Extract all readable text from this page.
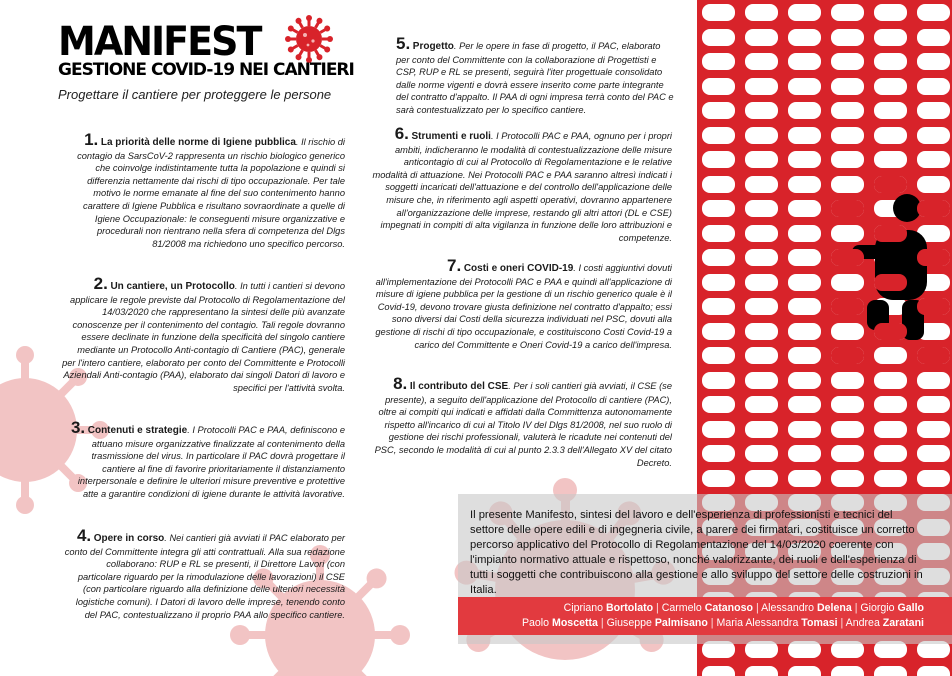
MANIFEST
GESTIONE COVID-19 NEI CANTIERI
Progettare il cantiere per proteggere le persone
1. La priorità delle norme di Igiene pubblica. Il rischio di contagio da SarsCoV-2 rappresenta un rischio biologico generico che coinvolge indistintamente tutta la popolazione e quindi si differenzia nettamente dai rischi di tipo occupazionale. Per tale motivo le norme emanate al fine del suo contenimento hanno carattere di Igiene Pubblica e risultano sovraordinate a quelle di Igiene Occupazionale: le conseguenti misure organizzative e procedurali non rientrano nella sfera di competenza del Dlgs 81/2008 ma richiedono uno specifico percorso.
2. Un cantiere, un Protocollo. In tutti i cantieri si devono applicare le regole previste dal Protocollo di Regolamentazione del 14/03/2020 che rappresentano la sintesi delle più avanzate conoscenze per il contenimento del contagio. Tali regole dovranno essere declinate in funzione della specificità del singolo cantiere mediante un Protocollo Anti-contagio di Cantiere (PAC), generale per l'intero cantiere, elaborato per conto del Committente e Protocolli Aziendali Anti-contagio (PAA), elaborato dai singoli Datori di lavoro e specifici per l'attività svolta.
3. Contenuti e strategie. I Protocolli PAC e PAA, definiscono e attuano misure organizzative finalizzate al contenimento della trasmissione del virus. In particolare il PAC dovrà progettare il cantiere al fine di favorire prioritariamente il distanziamento interpersonale e definire le ulteriori misure preventive e protettive atte a garantire condizioni di igiene durante le attività lavorative.
4. Opere in corso. Nei cantieri già avviati il PAC elaborato per conto del Committente integra gli atti contrattuali. Alla sua redazione collaborano: RUP e RL se presenti, il Direttore Lavori (con particolare riguardo per la rimodulazione delle lavorazioni) il CSE (con particolare riguardo alla definizione delle ulteriori necessità logistiche comuni). I Datori di lavoro delle imprese, tenendo conto del PAC, contestualizzano il proprio PAA allo specifico cantiere.
5. Progetto. Per le opere in fase di progetto, il PAC, elaborato per conto del Committente con la collaborazione di Progettisti e CSP, RUP e RL se presenti, seguirà l'iter progettuale consolidato dalle norme vigenti e dovrà essere inserito come parte integrante del contratto d'appalto. Il PAA di ogni impresa terrà conto del PAC e sarà contestualizzato per lo specifico cantiere.
6. Strumenti e ruoli. I Protocolli PAC e PAA, ognuno per i propri ambiti, indicheranno le modalità di contestualizzazione delle misure anticontagio di cui al Protocollo di Regolamentazione e le relative modalità di attuazione. Nei Protocolli PAC e PAA saranno altresì indicati i soggetti incaricati dell'attuazione e del controllo dell'applicazione delle misure che, in riferimento agli aspetti operativi, dovranno appartenere all'organizzazione delle imprese, restando gli altri attori (DL e CSE) impegnati in compiti di alta vigilanza in funzione delle loro attribuzioni e competenze.
7. Costi e oneri COVID-19. I costi aggiuntivi dovuti all'implementazione dei Protocolli PAC e PAA e quindi all'applicazione di misure di igiene pubblica per la gestione di un rischio generico quale è il Covid-19, devono trovare giusta definizione nel contratto d'appalto; essi sono diversi dai Costi della sicurezza individuati nel PSC, dovuti alla gestione di rischi di tipo occupazionale, e costituiscono Costi Covid-19 a carico del Committente e Oneri Covid-19 a carico dell'impresa.
8. Il contributo del CSE. Per i soli cantieri già avviati, il CSE (se presente), a seguito dell'applicazione del Protocollo di cantiere (PAC), oltre ai compiti qui indicati e affidati dalla Committenza autonomamente rispetto all'incarico di cui al Titolo IV del Dlgs 81/2008, nel suo ruolo di gestione dei rischi professionali, valuterà le ricadute nei contenuti del PSC, secondo le modalità di cui al punto 2.3.3 dell'Allegato XV del citato Decreto.
Il presente Manifesto, sintesi del lavoro e dell'esperienza di professionisti e tecnici del settore delle opere edili e di ingegneria civile, a parere dei firmatari, costituisce un corretto percorso applicativo del Protocollo di Regolamentazione del 14/03/2020 coerente con l'impianto normativo attuale e rispettoso, nonché valorizzante, dei ruoli e dell'esperienza di tutti i soggetti che contribuiscono alla gestione e allo sviluppo del settore delle costruzioni in Italia.
Cipriano Bortolato | Carmelo Catanoso | Alessandro Delena | Giorgio Gallo
Paolo Moscetta | Giuseppe Palmisano | Maria Alessandra Tomasi | Andrea Zaratani
